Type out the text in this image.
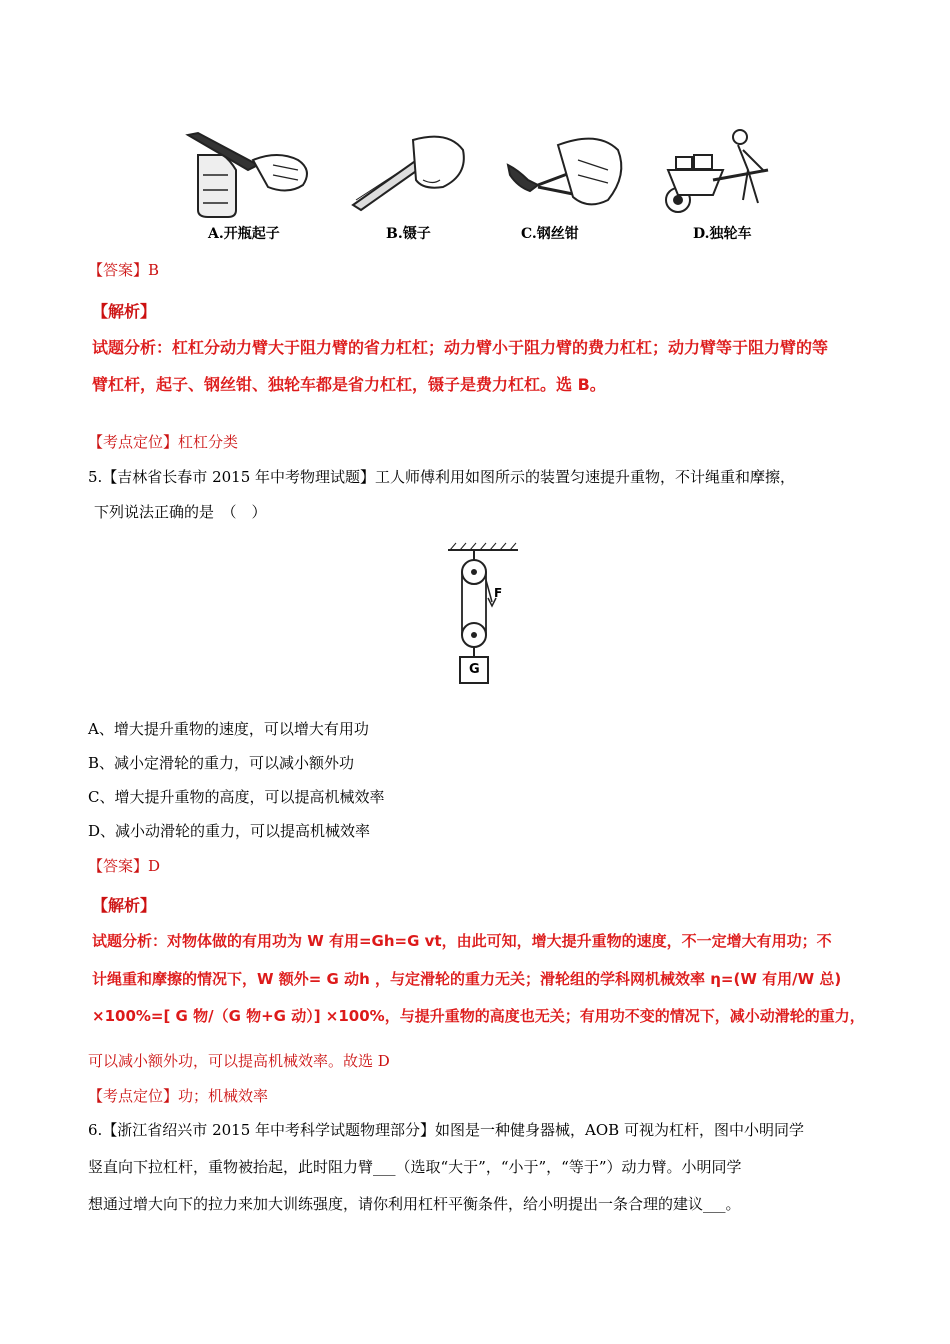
A.开瓶起子	B.镊子	C.钢丝钳	D.独轮车
【答案】B
【解析】
试题分析：杠杠分动力臂大于阻力臂的省力杠杠；动力臂小于阻力臂的费力杠杠；动力臂等于阻力臂的等
臂杠杆，起子、钢丝钳、独轮车都是省力杠杠，镊子是费力杠杠。选 B。
【考点定位】杠杠分类
5.【吉林省长春市 2015 年中考物理试题】工人师傅利用如图所示的装置匀速提升重物，不计绳重和摩擦，
下列说法正确的是　（　）
F
G
A、增大提升重物的速度，可以增大有用功
B、减小定滑轮的重力，可以减小额外功
C、增大提升重物的高度，可以提高机械效率
D、减小动滑轮的重力，可以提高机械效率
【答案】D
【解析】
试题分析：对物体做的有用功为 W 有用=Gh=G vt，由此可知，增大提升重物的速度，不一定增大有用功；不
计绳重和摩擦的情况下，W 额外= G 动h ，与定滑轮的重力无关；滑轮组的学科网机械效率 η=(W 有用/W 总)
×100%=[ G 物/（G 物+G 动）] ×100%，与提升重物的高度也无关；有用功不变的情况下，减小动滑轮的重力，
可以减小额外功，可以提高机械效率。故选 D
【考点定位】功；机械效率
6.【浙江省绍兴市 2015 年中考科学试题物理部分】如图是一种健身器械，AOB 可视为杠杆，图中小明同学
竖直向下拉杠杆，重物被抬起，此时阻力臂___（选取“大于”，“小于”，“等于”）动力臂。小明同学
想通过增大向下的拉力来加大训练强度，请你利用杠杆平衡条件，给小明提出一条合理的建议___。
